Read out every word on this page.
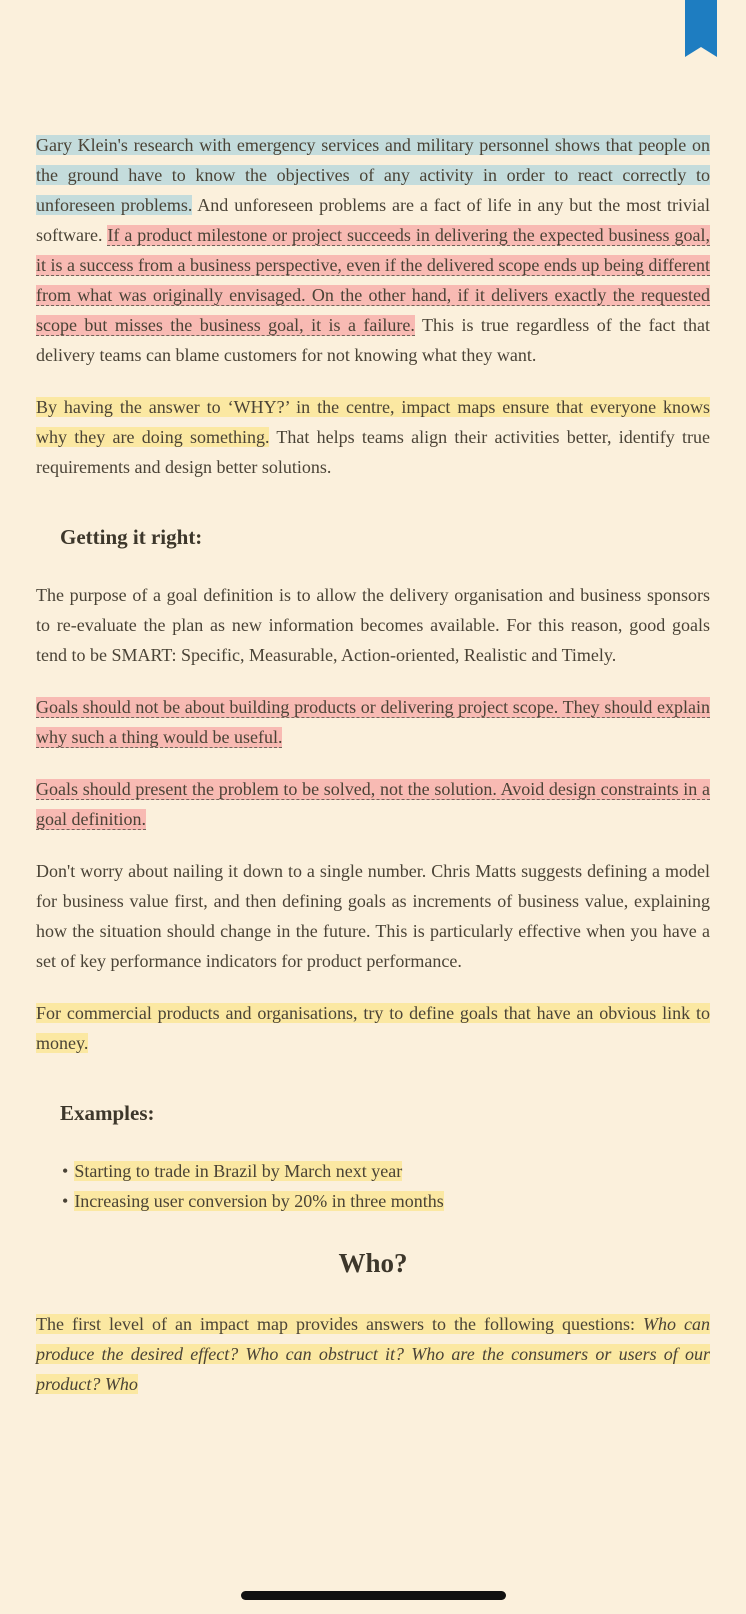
Gary Klein's research with emergency services and military personnel shows that people on the ground have to know the objectives of any activity in order to react correctly to unforeseen problems. And unforeseen problems are a fact of life in any but the most trivial software. If a product milestone or project succeeds in delivering the expected business goal, it is a success from a business perspective, even if the delivered scope ends up being different from what was originally envisaged. On the other hand, if it delivers exactly the requested scope but misses the business goal, it is a failure. This is true regardless of the fact that delivery teams can blame customers for not knowing what they want.

By having the answer to ‘WHY?’ in the centre, impact maps ensure that everyone knows why they are doing something. That helps teams align their activities better, identify true requirements and design better solutions.

Getting it right:

The purpose of a goal definition is to allow the delivery organisation and business sponsors to re-evaluate the plan as new information becomes available. For this reason, good goals tend to be SMART: Specific, Measurable, Action-oriented, Realistic and Timely.

Goals should not be about building products or delivering project scope. They should explain why such a thing would be useful.

Goals should present the problem to be solved, not the solution. Avoid design constraints in a goal definition.

Don't worry about nailing it down to a single number. Chris Matts suggests defining a model for business value first, and then defining goals as increments of business value, explaining how the situation should change in the future. This is particularly effective when you have a set of key performance indicators for product performance.

For commercial products and organisations, try to define goals that have an obvious link to money.

Examples:
• Starting to trade in Brazil by March next year
• Increasing user conversion by 20% in three months
Who?

The first level of an impact map provides answers to the following questions: Who can produce the desired effect? Who can obstruct it? Who are the consumers or users of our product? Who
